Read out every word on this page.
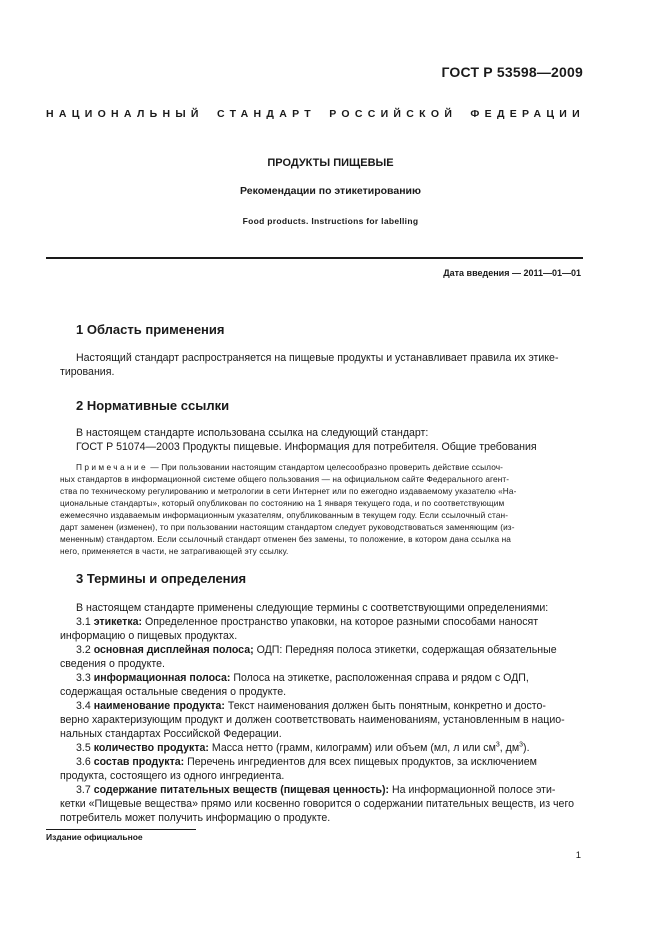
ГОСТ Р 53598—2009
НАЦИОНАЛЬНЫЙ СТАНДАРТ РОССИЙСКОЙ ФЕДЕРАЦИИ
ПРОДУКТЫ ПИЩЕВЫЕ
Рекомендации по этикетированию
Food products. Instructions for labelling
Дата введения — 2011—01—01
1 Область применения
Настоящий стандарт распространяется на пищевые продукты и устанавливает правила их этике-
тирования.
2 Нормативные ссылки
В настоящем стандарте использована ссылка на следующий стандарт:
ГОСТ Р 51074—2003 Продукты пищевые. Информация для потребителя. Общие требования
Примечание — При пользовании настоящим стандартом целесообразно проверить действие ссылоч-
ных стандартов в информационной системе общего пользования — на официальном сайте Федерального агент-
ства по техническому регулированию и метрологии в сети Интернет или по ежегодно издаваемому указателю «На-
циональные стандарты», который опубликован по состоянию на 1 января текущего года, и по соответствующим
ежемесячно издаваемым информационным указателям, опубликованным в текущем году. Если ссылочный стан-
дарт заменен (изменен), то при пользовании настоящим стандартом следует руководствоваться заменяющим (из-
мененным) стандартом. Если ссылочный стандарт отменен без замены, то положение, в котором дана ссылка на
него, применяется в части, не затрагивающей эту ссылку.
3 Термины и определения
В настоящем стандарте применены следующие термины с соответствующими определениями:
3.1 этикетка: Определенное пространство упаковки, на которое разными способами наносят
информацию о пищевых продуктах.
3.2 основная дисплейная полоса; ОДП: Передняя полоса этикетки, содержащая обязательные
сведения о продукте.
3.3 информационная полоса: Полоса на этикетке, расположенная справа и рядом с ОДП,
содержащая остальные сведения о продукте.
3.4 наименование продукта: Текст наименования должен быть понятным, конкретно и досто-
верно характеризующим продукт и должен соответствовать наименованиям, установленным в нацио-
нальных стандартах Российской Федерации.
3.5 количество продукта: Масса нетто (грамм, килограмм) или объем (мл, л или $см^3$, $дм^3$).
3.6 состав продукта: Перечень ингредиентов для всех пищевых продуктов, за исключением
продукта, состоящего из одного ингредиента.
3.7 содержание питательных веществ (пищевая ценность): На информационной полосе эти-
кетки «Пищевые вещества» прямо или косвенно говорится о содержании питательных веществ, из чего
потребитель может получить информацию о продукте.
Издание официальное
1
